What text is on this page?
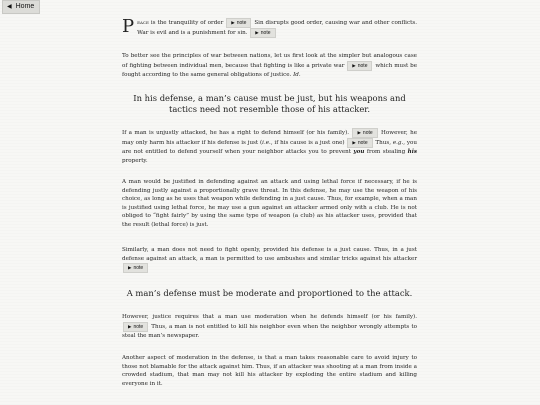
◀ Home

Peace is the tranquility of order ▶ note Sin disrupts good order, causing war and other conflicts. War is evil and is a punishment for sin. ▶ note

To better see the principles of war between nations, let us first look at the simpler but analogous case of fighting between individual men, because that fighting is like a private war ▶ note which must be fought according to the same general obligations of justice. Id.

In his defense, a man’s cause must be just, but his weapons and tactics need not resemble those of his attacker.

If a man is unjustly attacked, he has a right to defend himself (or his family). ▶ note However, he may only harm his attacker if his defense is just (i.e., if his cause is a just one) ▶ note Thus, e.g., you are not entitled to defend yourself when your neighbor attacks you to prevent you from stealing his property.

A man would be justified in defending against an attack and using lethal force if necessary, if he is defending justly against a proportionally grave threat. In this defense, he may use the weapon of his choice, as long as he uses that weapon while defending in a just cause. Thus, for example, when a man is justified using lethal force, he may use a gun against an attacker armed only with a club. He is not obliged to “fight fairly” by using the same type of weapon (a club) as his attacker uses, provided that the result (lethal force) is just.

Similarly, a man does not need to fight openly, provided his defense is a just cause. Thus, in a just defense against an attack, a man is permitted to use ambushes and similar tricks against his attacker ▶ note

A man’s defense must be moderate and proportioned to the attack.

However, justice requires that a man use moderation when he defends himself (or his family). ▶ note Thus, a man is not entitled to kill his neighbor even when the neighbor wrongly attempts to steal the man’s newspaper.

Another aspect of moderation in the defense, is that a man takes reasonable care to avoid injury to those not blamable for the attack against him. Thus, if an attacker was shooting at a man from inside a crowded stadium, that man may not kill his attacker by exploding the entire stadium and killing everyone in it.
